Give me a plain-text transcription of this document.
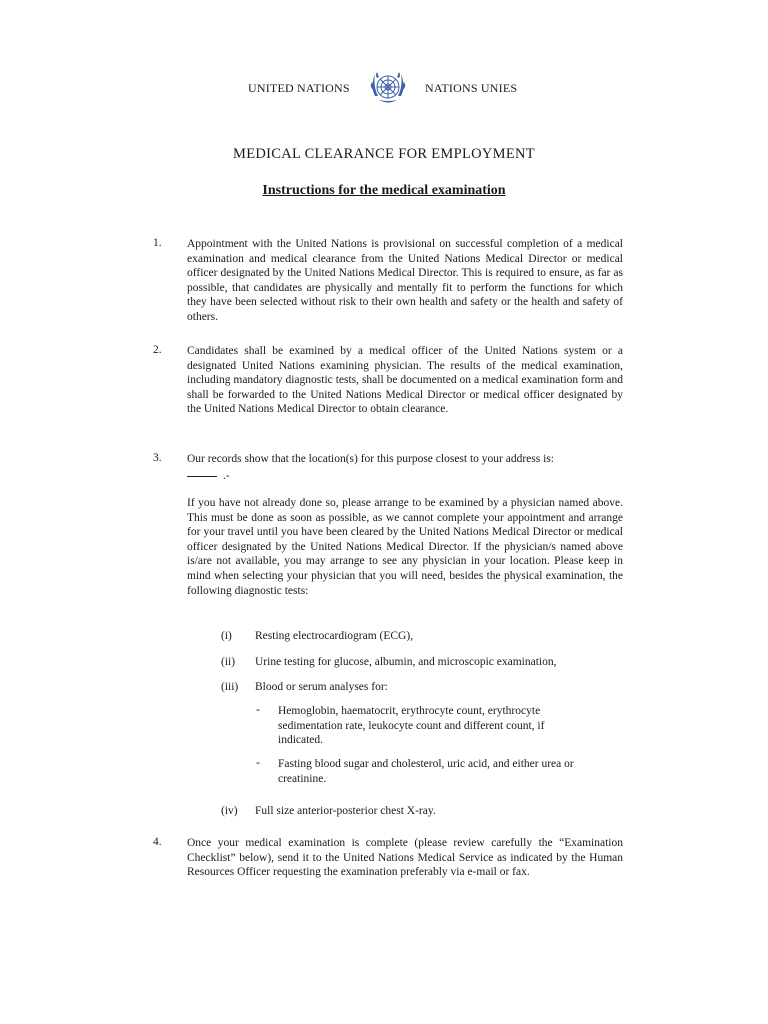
UNITED NATIONS	NATIONS UNIES
MEDICAL CLEARANCE FOR EMPLOYMENT
Instructions for the medical examination
1. Appointment with the United Nations is provisional on successful completion of a medical examination and medical clearance from the United Nations Medical Director or medical officer designated by the United Nations Medical Director. This is required to ensure, as far as possible, that candidates are physically and mentally fit to perform the functions for which they have been selected without risk to their own health and safety or the health and safety of others.
2. Candidates shall be examined by a medical officer of the United Nations system or a designated United Nations examining physician. The results of the medical examination, including mandatory diagnostic tests, shall be documented on a medical examination form and shall be forwarded to the United Nations Medical Director or medical officer designated by the United Nations Medical Director to obtain clearance.
3. Our records show that the location(s) for this purpose closest to your address is:
.-
If you have not already done so, please arrange to be examined by a physician named above. This must be done as soon as possible, as we cannot complete your appointment and arrange for your travel until you have been cleared by the United Nations Medical Director or medical officer designated by the United Nations Medical Director. If the physician/s named above is/are not available, you may arrange to see any physician in your location. Please keep in mind when selecting your physician that you will need, besides the physical examination, the following diagnostic tests:
(i) Resting electrocardiogram (ECG),
(ii) Urine testing for glucose, albumin, and microscopic examination,
(iii) Blood or serum analyses for:
- Hemoglobin, haematocrit, erythrocyte count, erythrocyte sedimentation rate, leukocyte count and different count, if indicated.
- Fasting blood sugar and cholesterol, uric acid, and either urea or creatinine.
(iv) Full size anterior-posterior chest X-ray.
4. Once your medical examination is complete (please review carefully the “Examination Checklist” below), send it to the United Nations Medical Service as indicated by the Human Resources Officer requesting the examination preferably via e-mail or fax.
